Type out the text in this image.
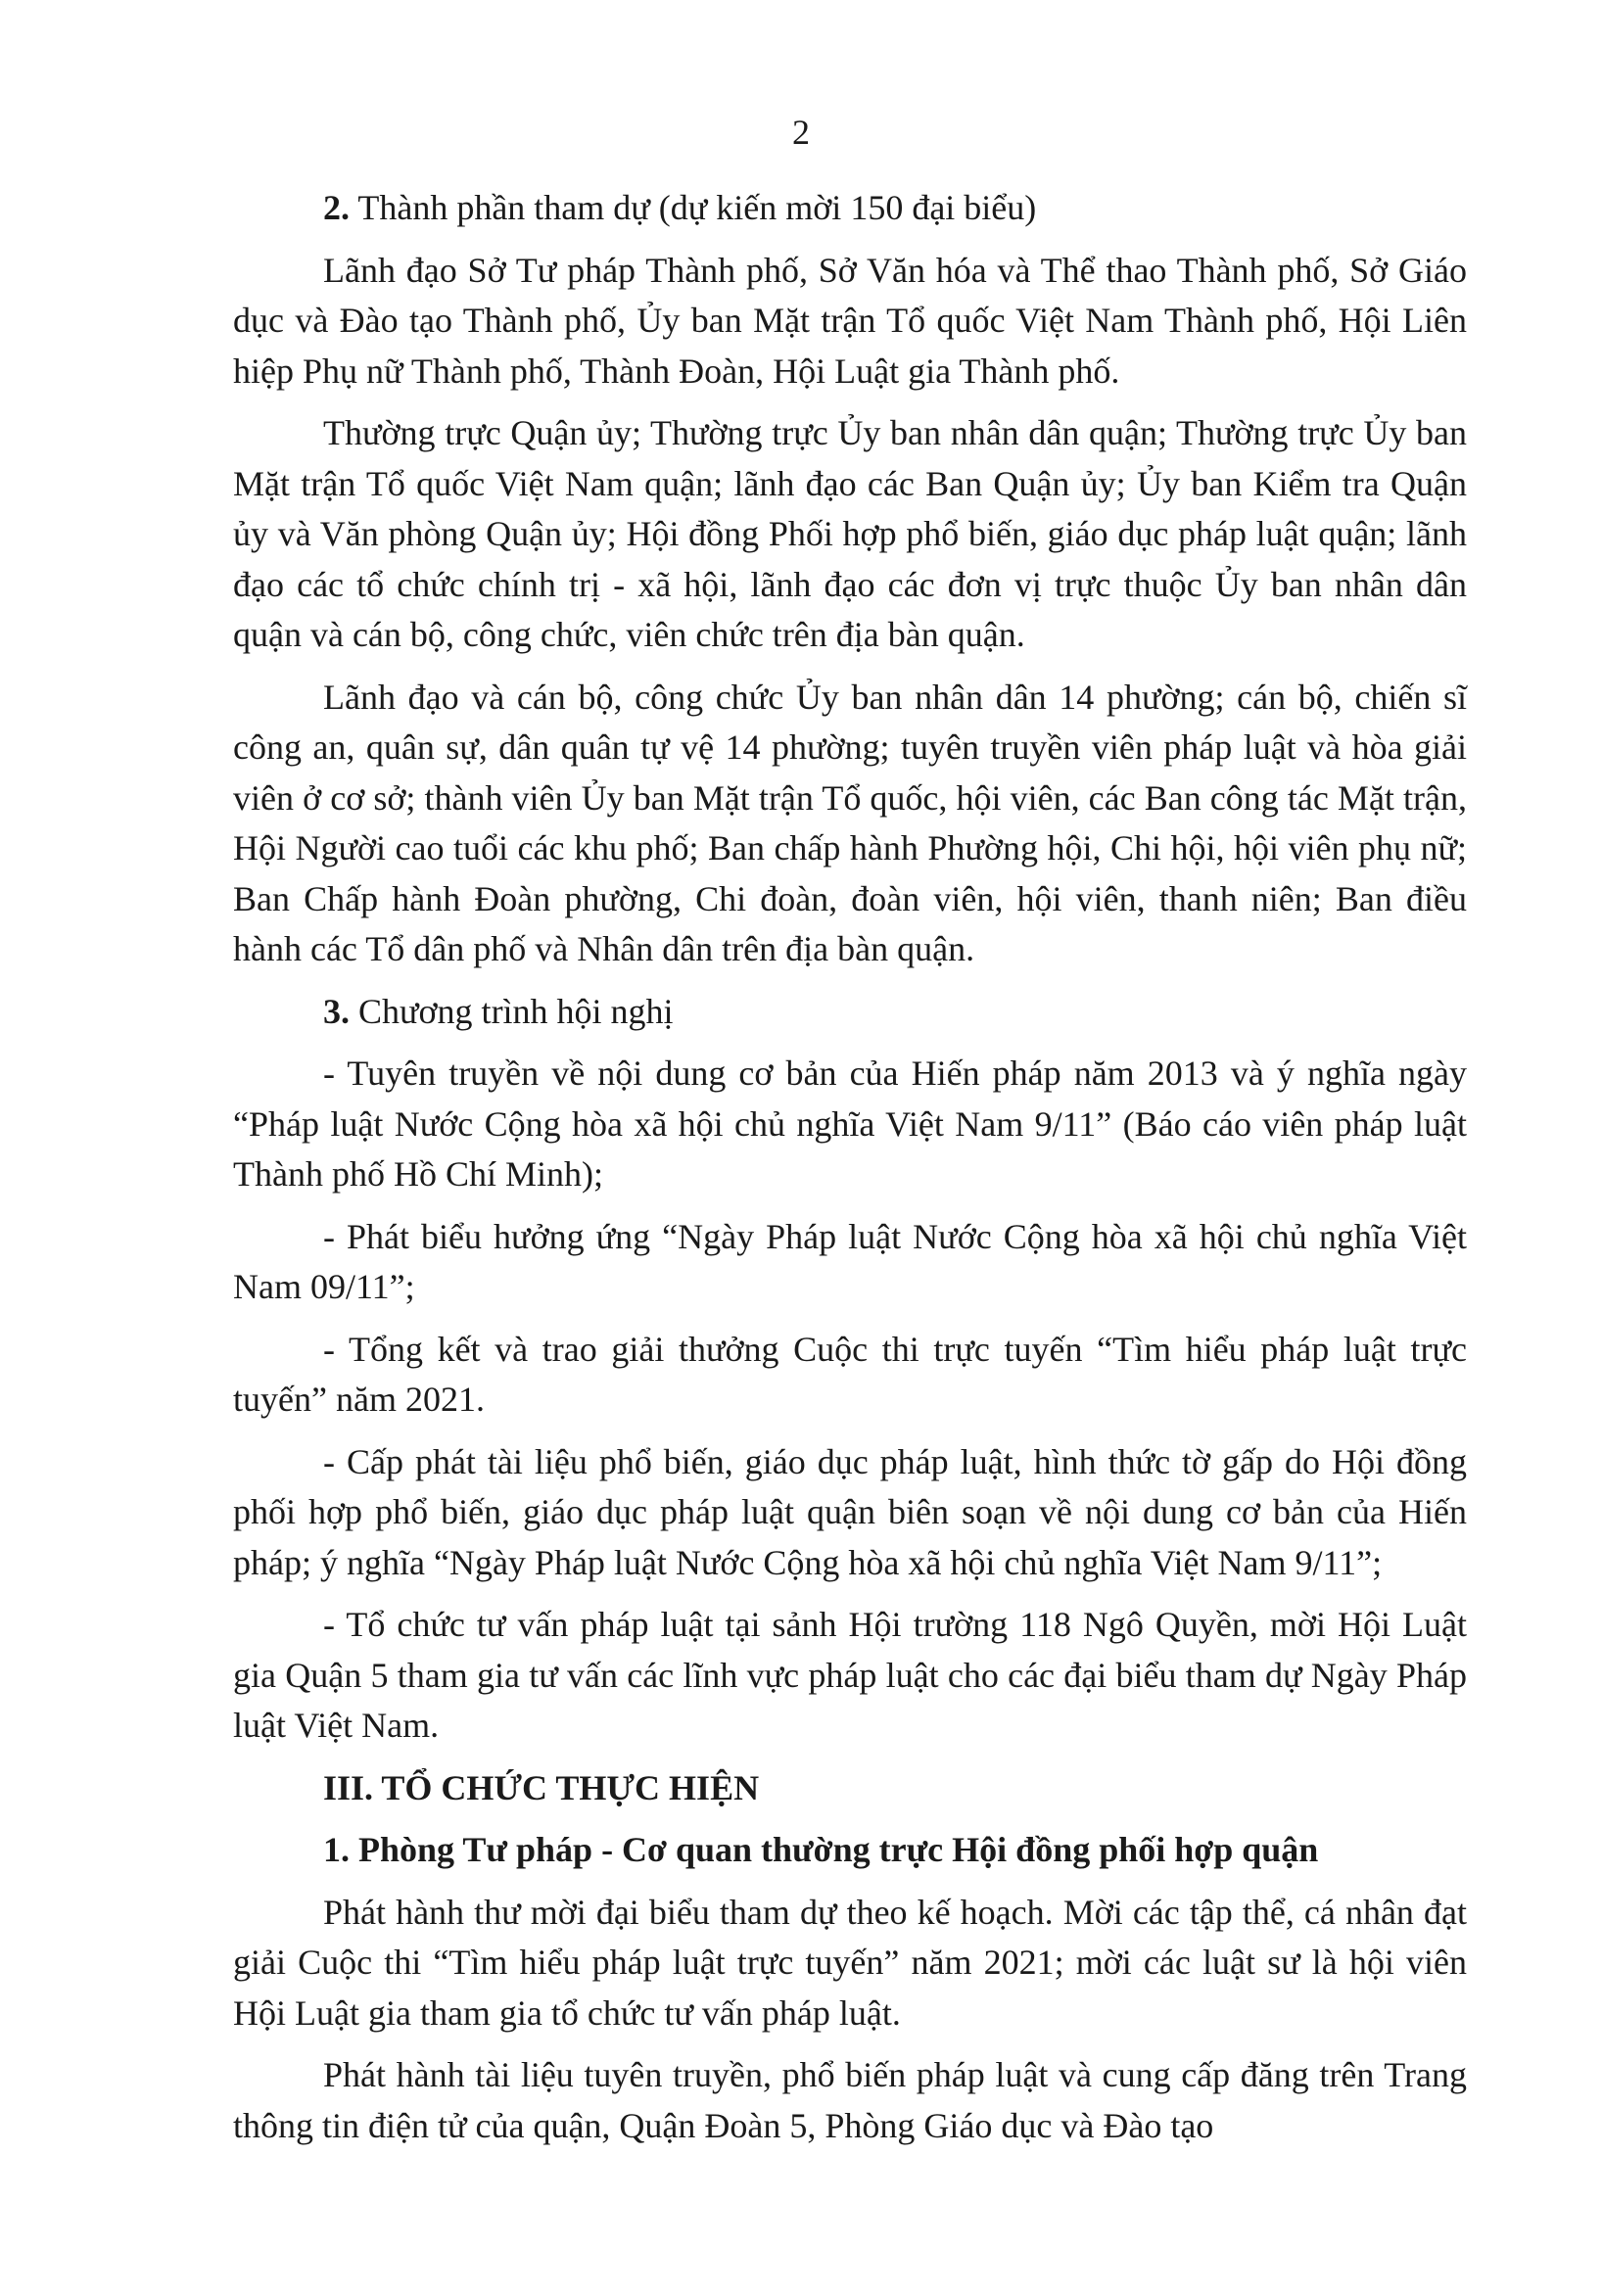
2

2. Thành phần tham dự (dự kiến mời 150 đại biểu)

Lãnh đạo Sở Tư pháp Thành phố, Sở Văn hóa và Thể thao Thành phố, Sở Giáo dục và Đào tạo Thành phố, Ủy ban Mặt trận Tổ quốc Việt Nam Thành phố, Hội Liên hiệp Phụ nữ Thành phố, Thành Đoàn, Hội Luật gia Thành phố.

Thường trực Quận ủy; Thường trực Ủy ban nhân dân quận; Thường trực Ủy ban Mặt trận Tổ quốc Việt Nam quận; lãnh đạo các Ban Quận ủy; Ủy ban Kiểm tra Quận ủy và Văn phòng Quận ủy; Hội đồng Phối hợp phổ biến, giáo dục pháp luật quận; lãnh đạo các tổ chức chính trị - xã hội, lãnh đạo các đơn vị trực thuộc Ủy ban nhân dân quận và cán bộ, công chức, viên chức trên địa bàn quận.

Lãnh đạo và cán bộ, công chức Ủy ban nhân dân 14 phường; cán bộ, chiến sĩ công an, quân sự, dân quân tự vệ 14 phường; tuyên truyền viên pháp luật và hòa giải viên ở cơ sở; thành viên Ủy ban Mặt trận Tổ quốc, hội viên, các Ban công tác Mặt trận, Hội Người cao tuổi các khu phố; Ban chấp hành Phường hội, Chi hội, hội viên phụ nữ; Ban Chấp hành Đoàn phường, Chi đoàn, đoàn viên, hội viên, thanh niên; Ban điều hành các Tổ dân phố và Nhân dân trên địa bàn quận.

3. Chương trình hội nghị

- Tuyên truyền về nội dung cơ bản của Hiến pháp năm 2013 và ý nghĩa ngày “Pháp luật Nước Cộng hòa xã hội chủ nghĩa Việt Nam 9/11” (Báo cáo viên pháp luật Thành phố Hồ Chí Minh);

- Phát biểu hưởng ứng “Ngày Pháp luật Nước Cộng hòa xã hội chủ nghĩa Việt Nam 09/11”;

- Tổng kết và trao giải thưởng Cuộc thi trực tuyến “Tìm hiểu pháp luật trực tuyến” năm 2021.

- Cấp phát tài liệu phổ biến, giáo dục pháp luật, hình thức tờ gấp do Hội đồng phối hợp phổ biến, giáo dục pháp luật quận biên soạn về nội dung cơ bản của Hiến pháp; ý nghĩa “Ngày Pháp luật Nước Cộng hòa xã hội chủ nghĩa Việt Nam 9/11”;

- Tổ chức tư vấn pháp luật tại sảnh Hội trường 118 Ngô Quyền, mời Hội Luật gia Quận 5 tham gia tư vấn các lĩnh vực pháp luật cho các đại biểu tham dự Ngày Pháp luật Việt Nam.

III. TỔ CHỨC THỰC HIỆN

1. Phòng Tư pháp - Cơ quan thường trực Hội đồng phối hợp quận

Phát hành thư mời đại biểu tham dự theo kế hoạch. Mời các tập thể, cá nhân đạt giải Cuộc thi “Tìm hiểu pháp luật trực tuyến” năm 2021; mời các luật sư là hội viên Hội Luật gia tham gia tổ chức tư vấn pháp luật.

Phát hành tài liệu tuyên truyền, phổ biến pháp luật và cung cấp đăng trên Trang thông tin điện tử của quận, Quận Đoàn 5, Phòng Giáo dục và Đào tạo
